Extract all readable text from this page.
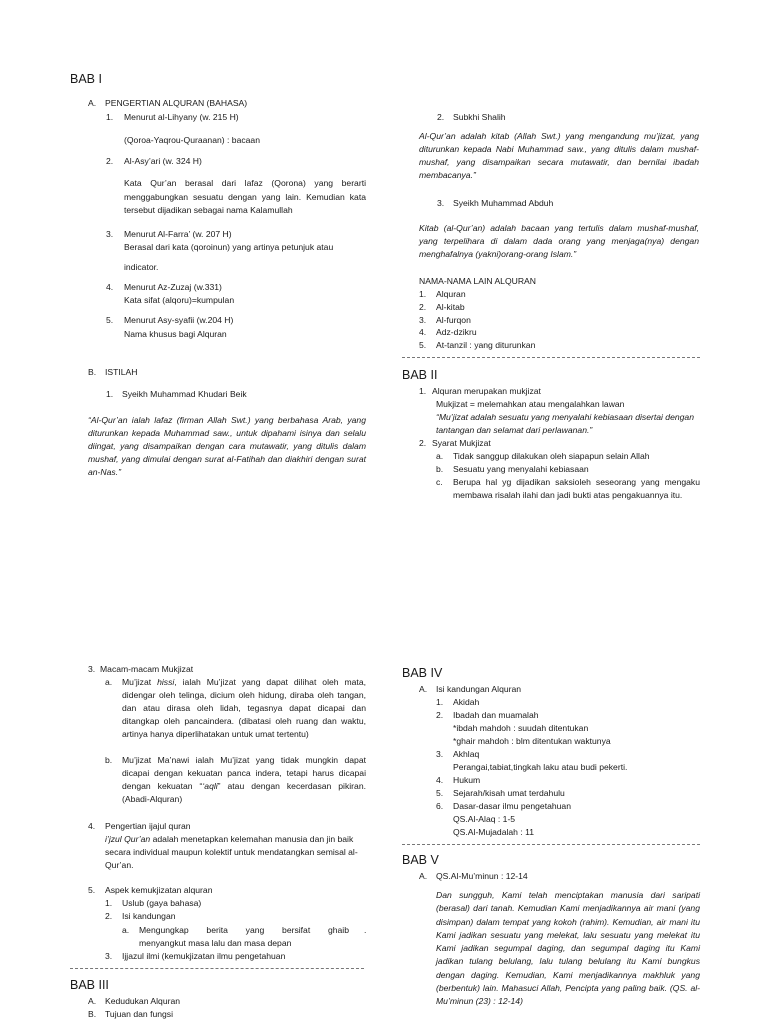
BAB I
A. PENGERTIAN ALQURAN (BAHASA)
1. Menurut al-Lihyany (w. 215 H)
(Qoroa-Yaqrou-Quraanan) : bacaan
2. Al-Asy’ari (w. 324 H)
Kata Qur’an berasal dari lafaz (Qorona) yang berarti menggabungkan sesuatu dengan yang lain. Kemudian kata tersebut dijadikan sebagai nama Kalamullah
3. Menurut Al-Farra’ (w. 207 H)
Berasal dari kata (qoroinun) yang artinya petunjuk atau
indicator.
4. Menurut Az-Zuzaj (w.331)
Kata sifat (alqoru)=kumpulan
5. Menurut Asy-syafii (w.204 H)
Nama khusus bagi Alquran
B. ISTILAH
1. Syeikh Muhammad Khudari Beik
“Al-Qur’an ialah lafaz (firman Allah Swt.) yang berbahasa Arab, yang diturunkan kepada Muhammad saw., untuk dipahami isinya dan selalu diingat, yang disampaikan dengan cara mutawatir, yang ditulis dalam mushaf, yang dimulai dengan surat al-Fatihah dan diakhiri dengan surat an-Nas.”
2. Subkhi Shalih
Al-Qur’an adalah kitab (Allah Swt.) yang mengandung mu’jizat, yang diturunkan kepada Nabi Muhammad saw., yang ditulis dalam mushaf-mushaf, yang disampaikan secara mutawatir, dan bernilai ibadah membacanya.”
3. Syeikh Muhammad Abduh
Kitab (al-Qur’an) adalah bacaan yang tertulis dalam mushaf-mushaf, yang terpelihara di dalam dada orang yang menjaga(nya) dengan menghafalnya (yakni)orang-orang Islam.”
NAMA-NAMA LAIN ALQURAN
1.	Alquran
2.	Al-kitab
3.	Al-furqon
4.	Adz-dzikru
5.	At-tanzil : yang diturunkan
BAB II
1. Alquran merupakan mukjizat
Mukjizat = melemahkan atau mengalahkan lawan
“Mu’jizat adalah sesuatu yang menyalahi kebiasaan disertai dengan tantangan dan selamat dari perlawanan.”
2. Syarat Mukjizat
a. Tidak sanggup dilakukan oleh siapapun selain Allah
b. Sesuatu yang menyalahi kebiasaan
c. Berupa hal yg dijadikan saksioleh seseorang yang mengaku membawa risalah ilahi dan jadi bukti atas pengakuannya itu.
3. Macam-macam Mukjizat
a. Mu’jizat hissi, ialah Mu’jizat yang dapat dilihat oleh mata, didengar oleh telinga, dicium oleh hidung, diraba oleh tangan, dan atau dirasa oleh lidah, tegasnya dapat dicapai dan ditangkap oleh pancaindera. (dibatasi oleh ruang dan waktu, artinya hanya diperlihatakan untuk umat tertentu)
b. Mu’jizat Ma’nawi ialah Mu’jizat yang tidak mungkin dapat dicapai dengan kekuatan panca indera, tetapi harus dicapai dengan kekuatan “‘aqli” atau dengan kecerdasan pikiran. (Abadi-Alquran)
4. Pengertian ijajul quran
i’jzul Qur’an adalah menetapkan kelemahan manusia dan jin baik secara individual maupun kolektif untuk mendatangkan semisal al-Qur’an.
5. Aspek kemukjizatan alquran
1. Uslub (gaya bahasa)
2. Isi kandungan
a. Mengungkap berita yang bersifat ghaib .
menyangkut masa lalu dan masa depan
3. Ijjazul ilmi (kemukjizatan ilmu pengetahuan
BAB III
A. Kedudukan Alquran
B. Tujuan dan fungsi
BAB IV
A. Isi kandungan Alquran
1. Akidah
2. Ibadah dan muamalah
*ibdah mahdoh : suudah ditentukan
*ghair mahdoh : blm ditentukan waktunya
3. Akhlaq
Perangai,tabiat,tingkah laku atau budi pekerti.
4. Hukum
5. Sejarah/kisah umat terdahulu
6. Dasar-dasar ilmu pengetahuan
QS.Al-Alaq : 1-5
QS.Al-Mujadalah : 11
BAB V
A. QS.Al-Mu’minun : 12-14
Dan sungguh, Kami telah menciptakan manusia dari saripati (berasal) dari tanah. Kemudian Kami menjadikannya air mani (yang disimpan) dalam tempat yang kokoh (rahim). Kemudian, air mani itu Kami jadikan sesuatu yang melekat, lalu sesuatu yang melekat itu Kami jadikan segumpal daging, dan segumpal daging itu Kami jadikan tulang belulang, lalu tulang belulang itu Kami bungkus dengan daging. Kemudian, Kami menjadikannya makhluk yang (berbentuk) lain. Mahasuci Allah, Pencipta yang paling baik. (QS. al-Mu’minun (23) : 12-14)
